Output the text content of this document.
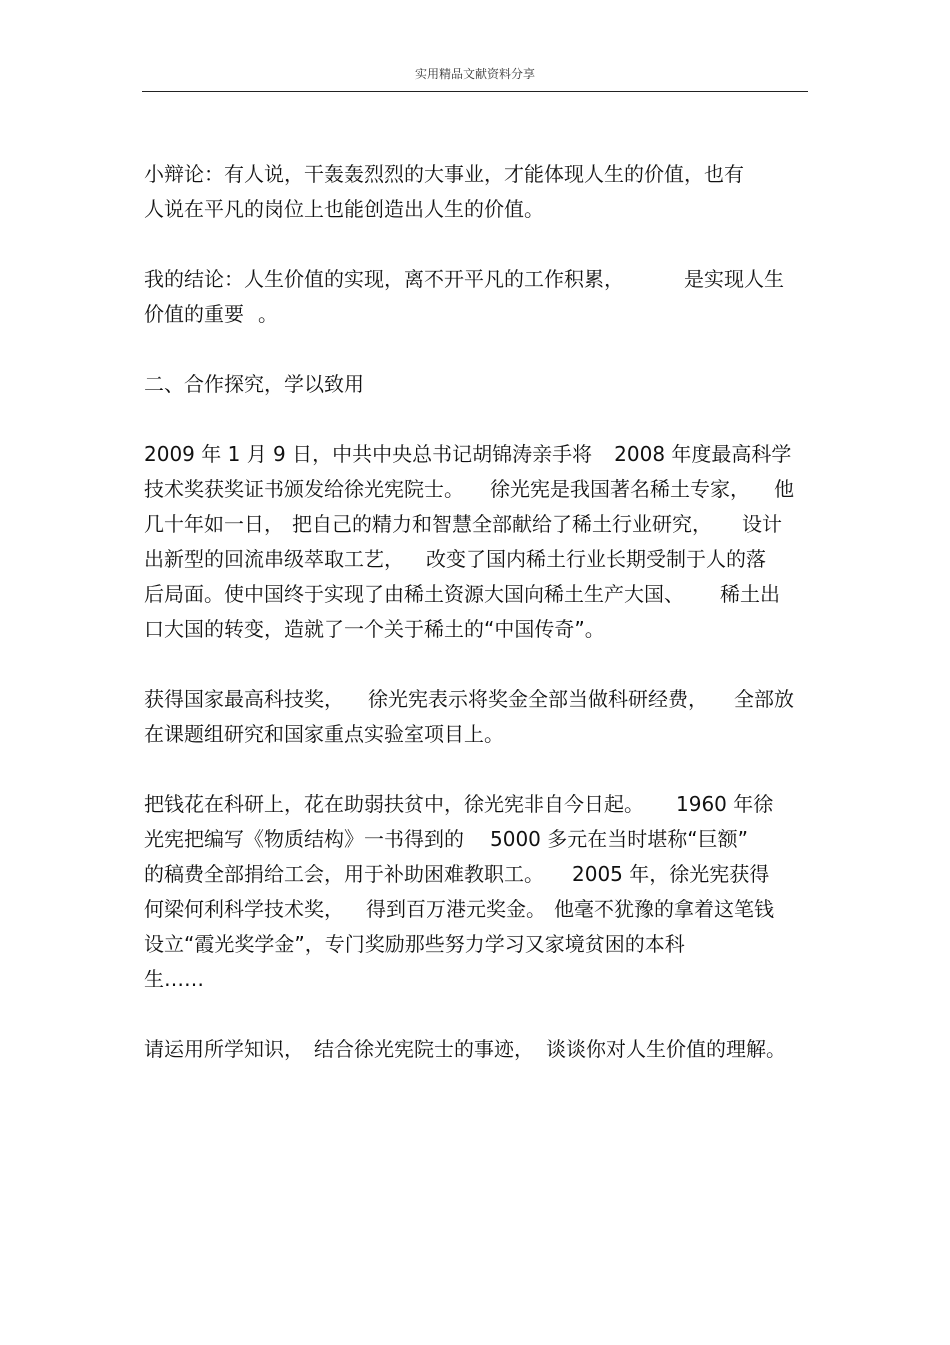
实用精品文献资料分享

小辩论：有人说，干轰轰烈烈的大事业，才能体现人生的价值，也有
人说在平凡的岗位上也能创造出人生的价值。

我的结论：人生价值的实现，离不开平凡的工作积累，	是实现人生
价值的重要 。

二、合作探究，学以致用

2009 年 1 月 9 日，中共中央总书记胡锦涛亲手将 2008 年度最高科学
技术奖获奖证书颁发给徐光宪院士。 徐光宪是我国著名稀土专家， 他
几十年如一日， 把自己的精力和智慧全部献给了稀土行业研究， 设计
出新型的回流串级萃取工艺， 改变了国内稀土行业长期受制于人的落
后局面。使中国终于实现了由稀土资源大国向稀土生产大国、 稀土出
口大国的转变，造就了一个关于稀土的“中国传奇”。

获得国家最高科技奖， 徐光宪表示将奖金全部当做科研经费， 全部放
在课题组研究和国家重点实验室项目上。

把钱花在科研上，花在助弱扶贫中，徐光宪非自今日起。 1960 年徐
光宪把编写《物质结构》一书得到的 5000 多元在当时堪称“巨额”
的稿费全部捐给工会，用于补助困难教职工。 2005 年，徐光宪获得
何梁何利科学技术奖， 得到百万港元奖金。 他毫不犹豫的拿着这笔钱
设立“霞光奖学金”，专门奖励那些努力学习又家境贫困的本科
生……

请运用所学知识， 结合徐光宪院士的事迹， 谈谈你对人生价值的理解。
